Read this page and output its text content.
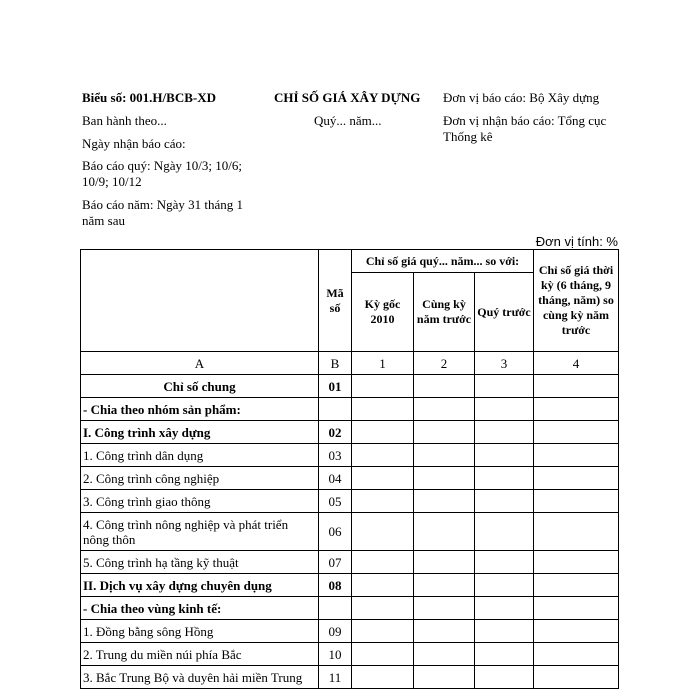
Biểu số: 001.H/BCB-XD	CHỈ SỐ GIÁ XÂY DỰNG Đơn vị báo cáo: Bộ Xây dựng
Ban hành theo...	Quý... năm...	Đơn vị nhận báo cáo: Tổng cục Thống kê
Ngày nhận báo cáo:
Báo cáo quý: Ngày 10/3; 10/6; 10/9; 10/12
Báo cáo năm: Ngày 31 tháng 1 năm sau
Đơn vị tính: %
	Mã số	Chỉ số giá quý... năm... so với:			Chỉ số giá thời kỳ (6 tháng, 9 tháng, năm) so cùng kỳ năm trước
		Kỳ gốc 2010	Cùng kỳ năm trước	Quý trước	
A	B	1	2	3	4
Chỉ số chung	01				
- Chia theo nhóm sản phẩm:					
I. Công trình xây dựng	02				
1. Công trình dân dụng	03				
2. Công trình công nghiệp	04				
3. Công trình giao thông	05				
4. Công trình nông nghiệp và phát triển nông thôn	06				
5. Công trình hạ tầng kỹ thuật	07				
II. Dịch vụ xây dựng chuyên dụng	08				
- Chia theo vùng kinh tế:					
1. Đồng bằng sông Hồng	09				
2. Trung du miền núi phía Bắc	10				
3. Bắc Trung Bộ và duyên hải miền Trung	11				
